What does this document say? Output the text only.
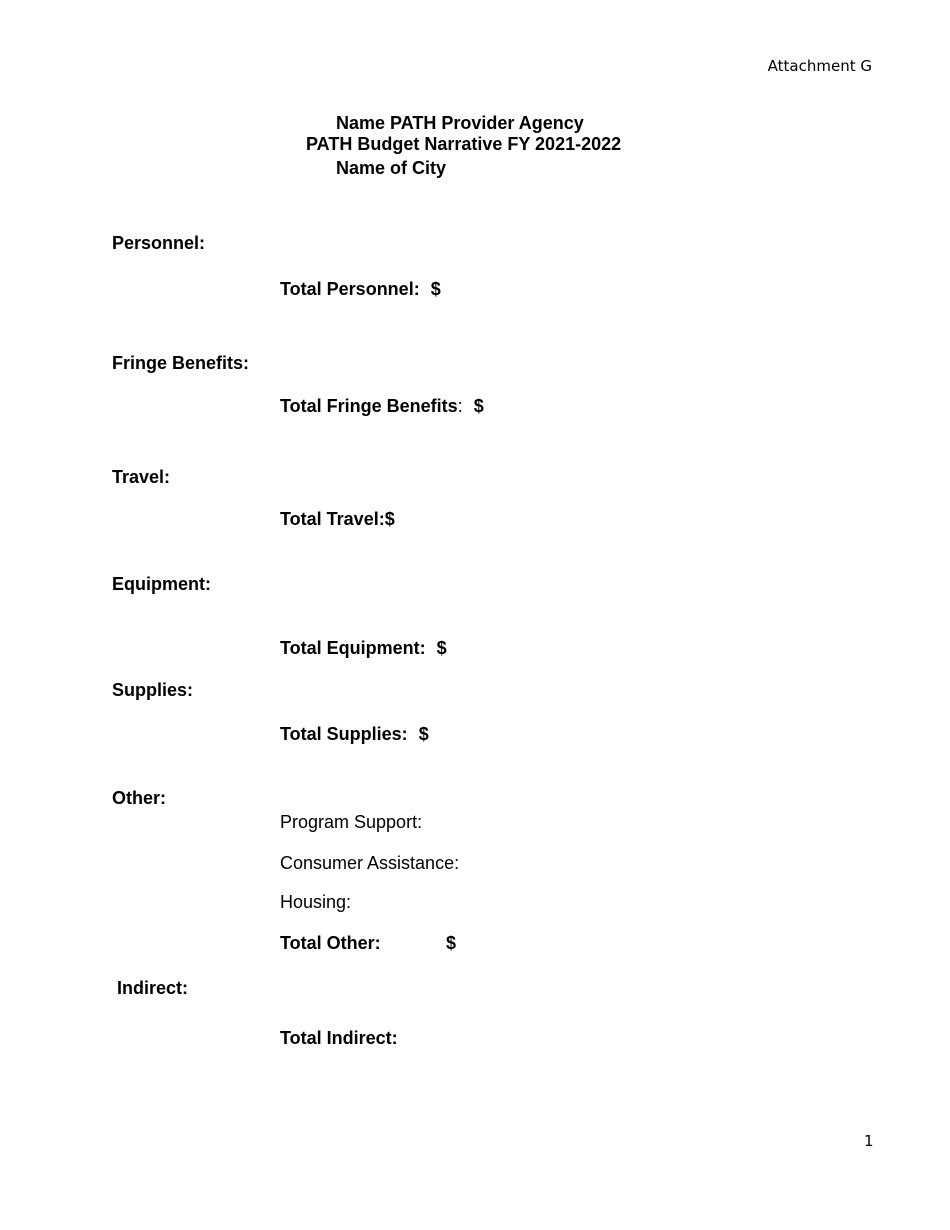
Attachment G
Name PATH Provider Agency
PATH Budget Narrative FY 2021-2022
Name of City
Personnel:
Total Personnel: $
Fringe Benefits:
Total Fringe Benefits: $
Travel:
Total Travel:$
Equipment:
Total Equipment: $
Supplies:
Total Supplies: $
Other:
Program Support:
Consumer Assistance:
Housing:
Total Other:	$
Indirect:
Total Indirect:
1
